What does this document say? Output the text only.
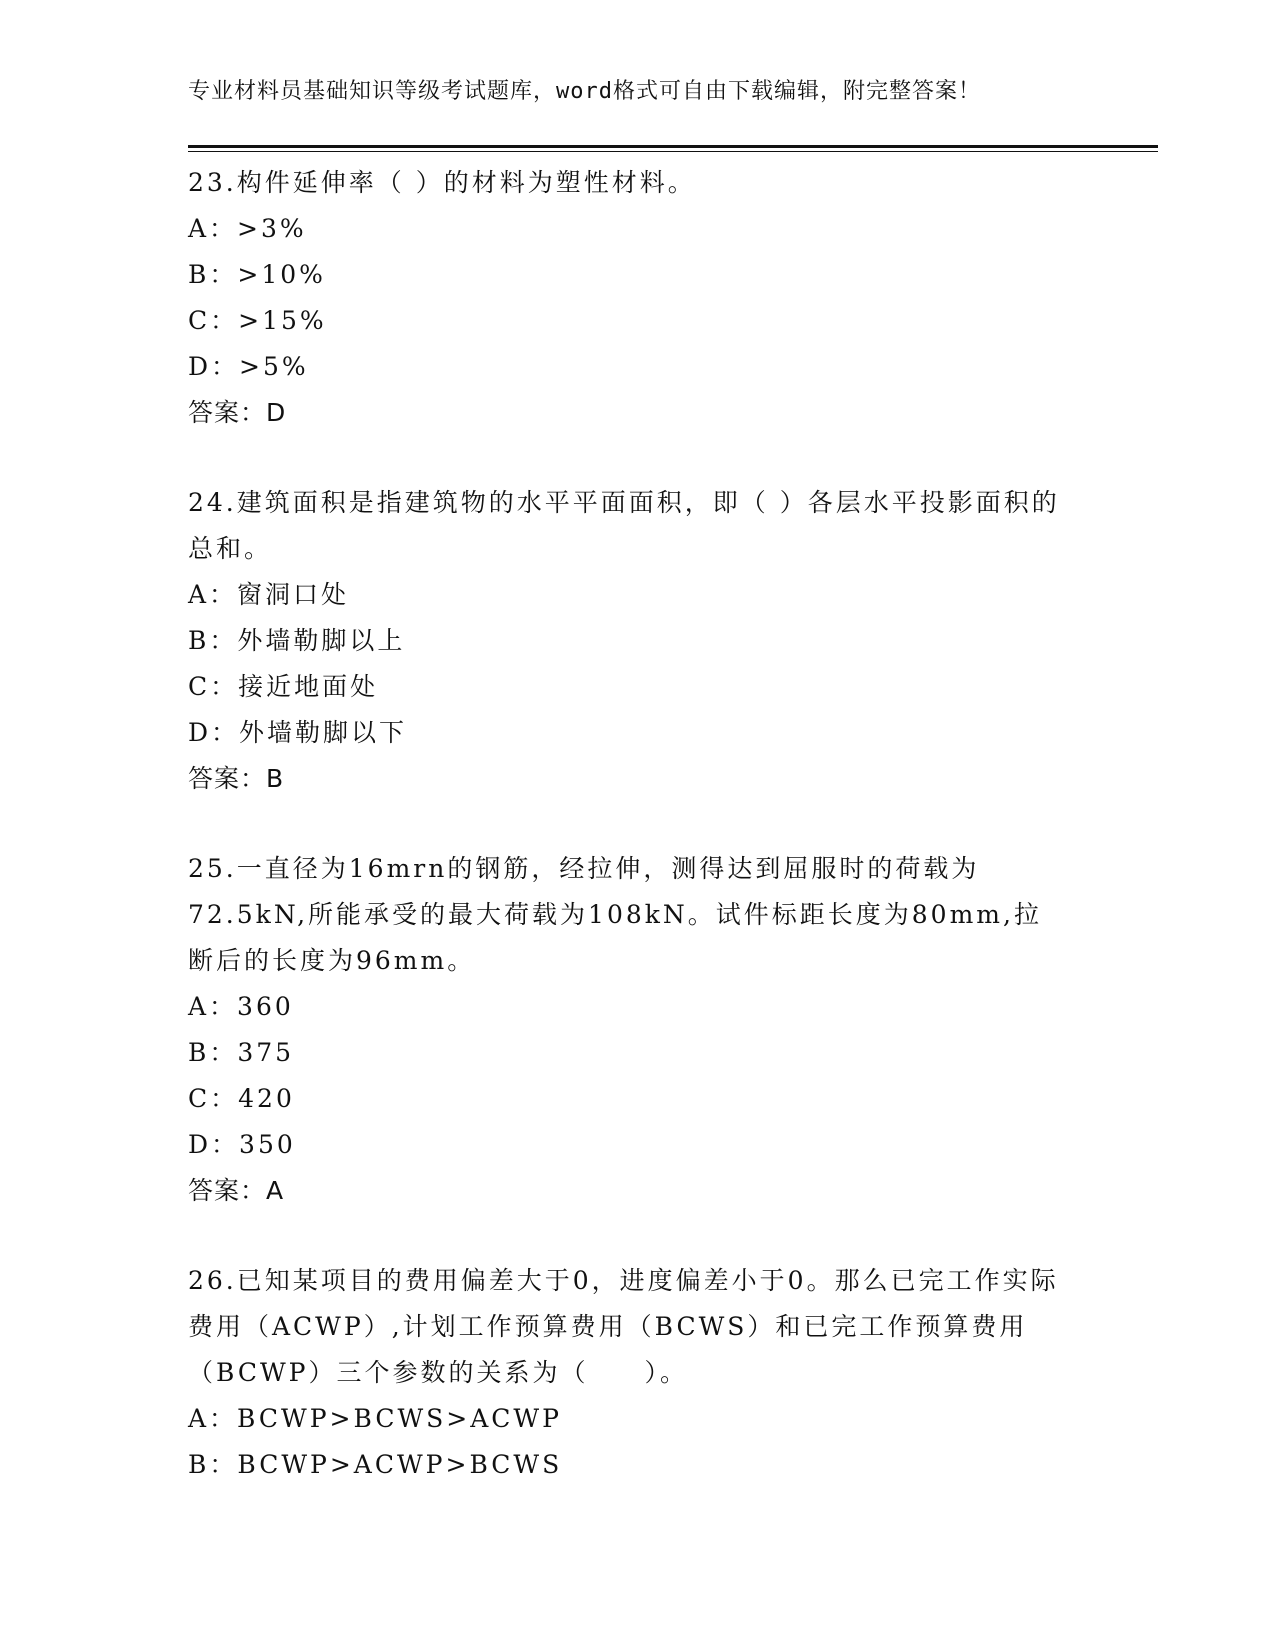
专业材料员基础知识等级考试题库，word格式可自由下载编辑，附完整答案！

23.构件延伸率（ ）的材料为塑性材料。

A：>3%

B：>10%

C：>15%

D：>5%

答案：D

24.建筑面积是指建筑物的水平平面面积，即（ ）各层水平投影面积的总和。

A：窗洞口处

B：外墙勒脚以上

C：接近地面处

D：外墙勒脚以下

答案：B

25.一直径为16mrn的钢筋，经拉伸，测得达到屈服时的荷载为72.5kN,所能承受的最大荷载为108kN。试件标距长度为80mm,拉断后的长度为96mm。

A：360

B：375

C：420

D：350

答案：A

26.已知某项目的费用偏差大于0，进度偏差小于0。那么已完工作实际费用（ACWP）,计划工作预算费用（BCWS）和已完工作预算费用（BCWP）三个参数的关系为（　　）。

A：BCWP>BCWS>ACWP

B：BCWP>ACWP>BCWS
